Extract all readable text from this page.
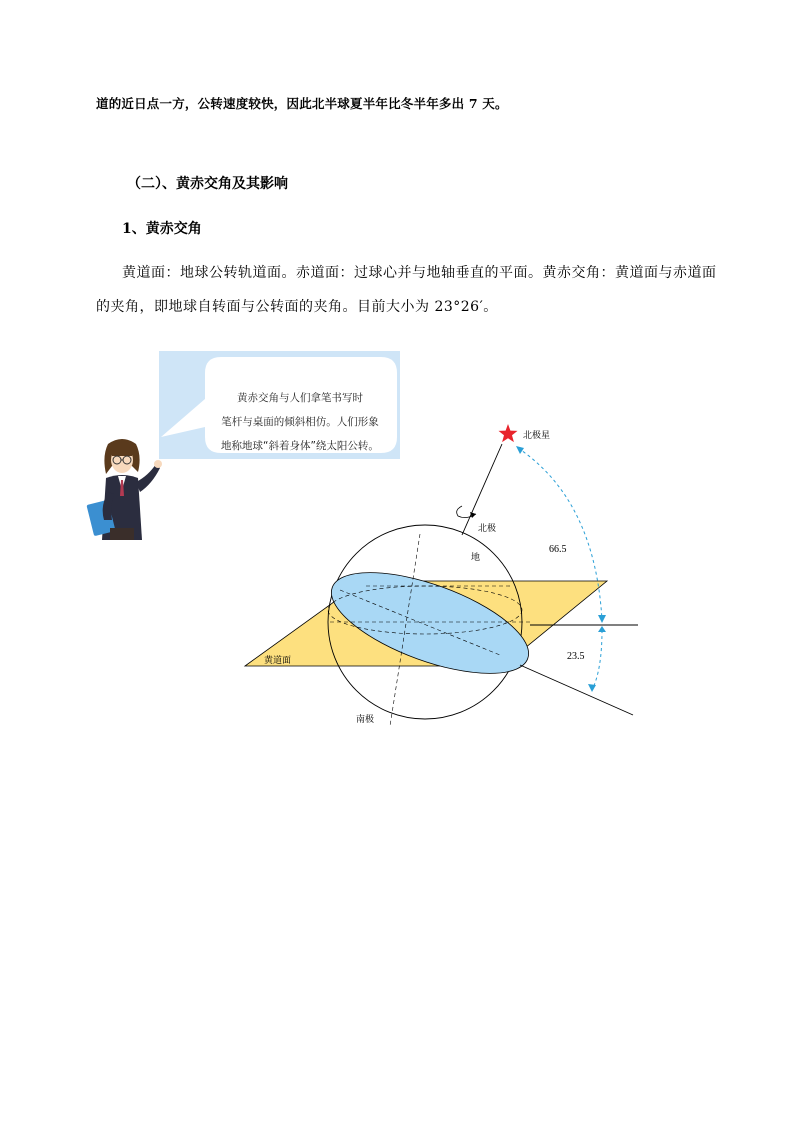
道的近日点一方，公转速度较快，因此北半球夏半年比冬半年多出 7 天。

（二）、黄赤交角及其影响

1、黄赤交角

黄道面：地球公转轨道面。赤道面：过球心并与地轴垂直的平面。黄赤交角：黄道面与赤道面

的夹角，即地球自转面与公转面的夹角。目前大小为 23°26′。

黄赤交角与人们拿笔书写时
笔杆与桌面的倾斜相仿。人们形象
地称地球“斜着身体”绕太阳公转。
北极星
北极
地
黄道面
南极
66.5
23.5
